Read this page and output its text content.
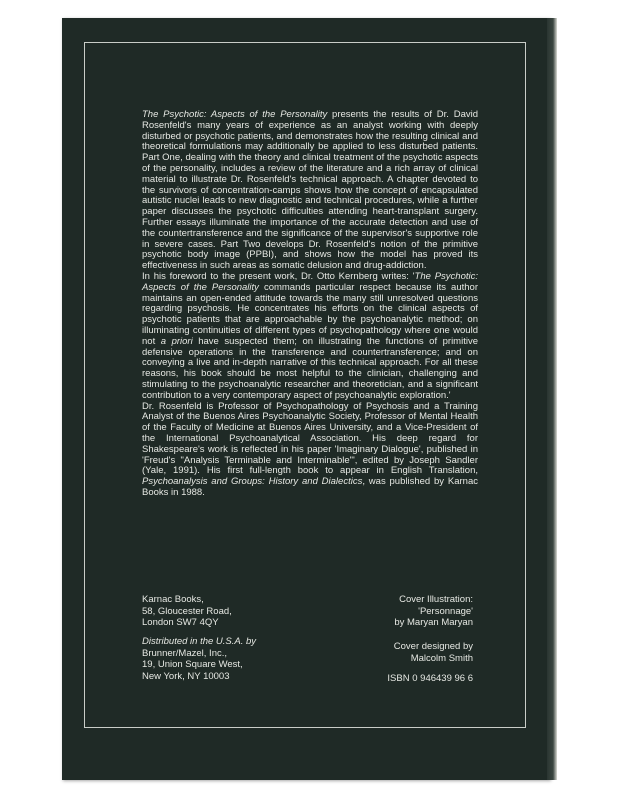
The Psychotic: Aspects of the Personality presents the results of Dr. David Rosenfeld's many years of experience as an analyst working with deeply disturbed or psychotic patients, and demonstrates how the resulting clinical and theoretical formulations may additionally be applied to less disturbed patients. Part One, dealing with the theory and clinical treatment of the psychotic aspects of the personality, includes a review of the literature and a rich array of clinical material to illustrate Dr. Rosenfeld's technical approach. A chapter devoted to the survivors of concentration-camps shows how the concept of encapsulated autistic nuclei leads to new diagnostic and technical procedures, while a further paper discusses the psychotic difficulties attending heart-transplant surgery. Further essays illuminate the importance of the accurate detection and use of the countertransference and the significance of the supervisor's supportive role in severe cases. Part Two develops Dr. Rosenfeld's notion of the primitive psychotic body image (PPBI), and shows how the model has proved its effectiveness in such areas as somatic delusion and drug-addiction.

In his foreword to the present work, Dr. Otto Kernberg writes: 'The Psychotic: Aspects of the Personality commands particular respect because its author maintains an open-ended attitude towards the many still unresolved questions regarding psychosis. He concentrates his efforts on the clinical aspects of psychotic patients that are approachable by the psychoanalytic method; on illuminating continuities of different types of psychopathology where one would not a priori have suspected them; on illustrating the functions of primitive defensive operations in the transference and countertransference; and on conveying a live and in-depth narrative of this technical approach. For all these reasons, his book should be most helpful to the clinician, challenging and stimulating to the psychoanalytic researcher and theoretician, and a significant contribution to a very contemporary aspect of psychoanalytic exploration.'

Dr. Rosenfeld is Professor of Psychopathology of Psychosis and a Training Analyst of the Buenos Aires Psychoanalytic Society, Professor of Mental Health of the Faculty of Medicine at Buenos Aires University, and a Vice-President of the International Psychoanalytical Association. His deep regard for Shakespeare's work is reflected in his paper 'Imaginary Dialogue', published in 'Freud's "Analysis Terminable and Interminable"', edited by Joseph Sandler (Yale, 1991). His first full-length book to appear in English Translation, Psychoanalysis and Groups: History and Dialectics, was published by Karnac Books in 1988.

Karnac Books,
58, Gloucester Road,
London SW7 4QY
Distributed in the U.S.A. by
Brunner/Mazel, Inc.,
19, Union Square West,
New York, NY 10003
Cover Illustration:
'Personnage'
by Maryan Maryan
Cover designed by
Malcolm Smith
ISBN 0 946439 96 6
